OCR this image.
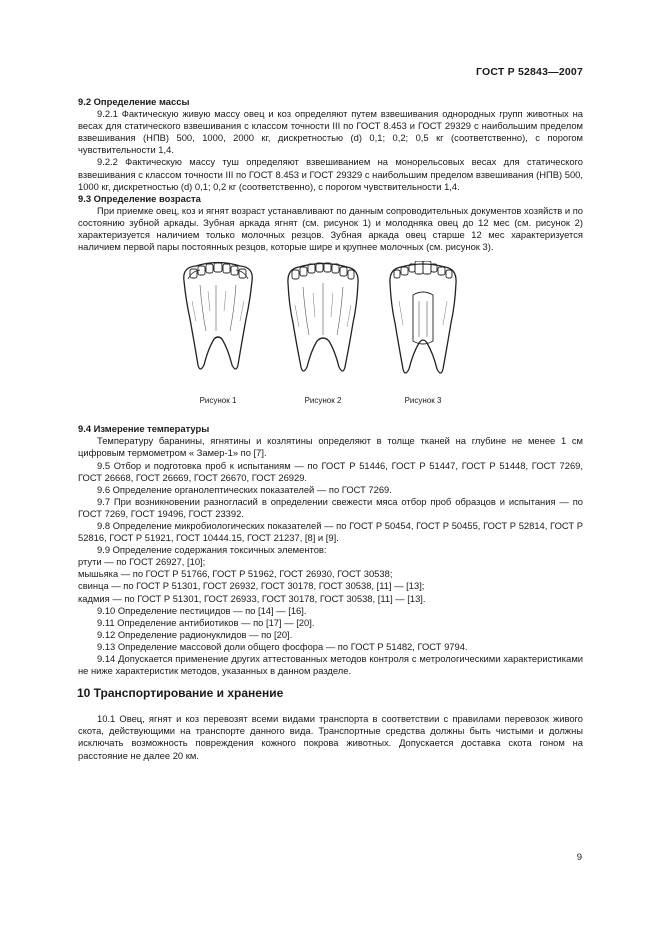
ГОСТ Р 52843—2007

9.2 Определение массы

9.2.1 Фактическую живую массу овец и коз определяют путем взвешивания однородных групп животных на весах для статического взвешивания с классом точности III по ГОСТ 8.453 и ГОСТ 29329 с наибольшим пределом взвешивания (НПВ) 500, 1000, 2000 кг, дискретностью (d) 0,1; 0,2; 0,5 кг (соответственно), с порогом чувствительности 1,4.

9.2.2 Фактическую массу туш определяют взвешиванием на монорельсовых весах для статического взвешивания с классом точности III по ГОСТ 8.453 и ГОСТ 29329 с наибольшим пределом взвешивания (НПВ) 500, 1000 кг, дискретностью (d) 0,1; 0,2 кг (соответственно), с порогом чувствительности 1,4.

9.3 Определение возраста

При приемке овец, коз и ягнят возраст устанавливают по данным сопроводительных документов хозяйств и по состоянию зубной аркады. Зубная аркада ягнят (см. рисунок 1) и молодняка овец до 12 мес (см. рисунок 2) характеризуется наличием только молочных резцов. Зубная аркада овец старше 12 мес характеризуется наличием первой пары постоянных резцов, которые шире и крупнее молочных (см. рисунок 3).

Рисунок 1	Рисунок 2	Рисунок 3

9.4 Измерение температуры

Температуру баранины, ягнятины и козлятины определяют в толще тканей на глубине не менее 1 см цифровым термометром « Замер-1» по [7].

9.5 Отбор и подготовка проб к испытаниям — по ГОСТ Р 51446, ГОСТ Р 51447, ГОСТ Р 51448, ГОСТ 7269, ГОСТ 26668, ГОСТ 26669, ГОСТ 26670, ГОСТ 26929.

9.6 Определение органолептических показателей — по ГОСТ 7269.

9.7 При возникновении разногласий в определении свежести мяса отбор проб образцов и испытания — по ГОСТ 7269, ГОСТ 19496, ГОСТ 23392.

9.8 Определение микробиологических показателей — по ГОСТ Р 50454, ГОСТ Р 50455, ГОСТ Р 52814, ГОСТ Р 52816, ГОСТ Р 51921, ГОСТ 10444.15, ГОСТ 21237, [8] и [9].

9.9 Определение содержания токсичных элементов:

ртути — по ГОСТ 26927, [10];

мышьяка — по ГОСТ Р 51766, ГОСТ Р 51962, ГОСТ 26930, ГОСТ 30538;

свинца — по ГОСТ Р 51301, ГОСТ 26932, ГОСТ 30178, ГОСТ 30538, [11] — [13];

кадмия — по ГОСТ Р 51301, ГОСТ 26933, ГОСТ 30178, ГОСТ 30538, [11] — [13].

9.10 Определение пестицидов — по [14] — [16].

9.11 Определение антибиотиков — по [17] — [20].

9.12 Определение радионуклидов — по [20].

9.13 Определение массовой доли общего фосфора — по ГОСТ Р 51482, ГОСТ 9794.

9.14 Допускается применение других аттестованных методов контроля с метрологическими характеристиками не ниже характеристик методов, указанных в данном разделе.

10 Транспортирование и хранение

10.1 Овец, ягнят и коз перевозят всеми видами транспорта в соответствии с правилами перевозок живого скота, действующими на транспорте данного вида. Транспортные средства должны быть чистыми и должны исключать возможность повреждения кожного покрова животных. Допускается доставка скота гоном на расстояние не далее 20 км.

9
